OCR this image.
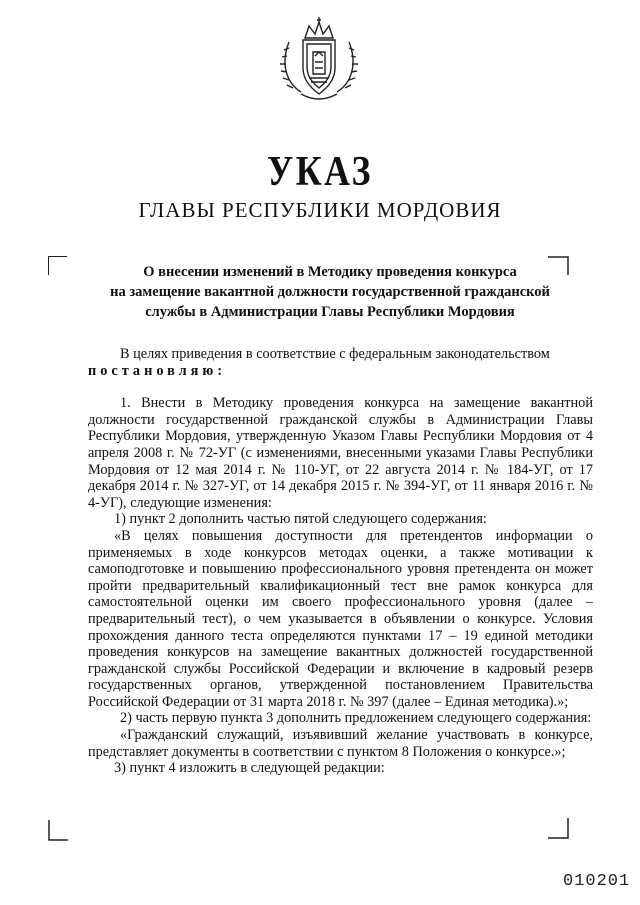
УКАЗ
ГЛАВЫ РЕСПУБЛИКИ МОРДОВИЯ
О внесении изменений в Методику проведения конкурса
на замещение вакантной должности государственной гражданской
службы в Администрации Главы Республики Мордовия

В целях приведения в соответствие с федеральным законодательством

постановляю:

1. Внести в Методику проведения конкурса на замещение вакантной должности государственной гражданской службы в Администрации Главы Республики Мордовия, утвержденную Указом Главы Республики Мордовия от 4 апреля 2008 г. № 72-УГ (с изменениями, внесенными указами Главы Республики Мордовия от 12 мая 2014 г. № 110-УГ, от 22 августа 2014 г. № 184-УГ, от 17 декабря 2014 г. № 327-УГ, от 14 декабря 2015 г. № 394-УГ, от 11 января 2016 г. № 4-УГ), следующие изменения:

1) пункт 2 дополнить частью пятой следующего содержания:

«В целях повышения доступности для претендентов информации о применяемых в ходе конкурсов методах оценки, а также мотивации к самоподготовке и повышению профессионального уровня претендента он может пройти предварительный квалификационный тест вне рамок конкурса для самостоятельной оценки им своего профессионального уровня (далее – предварительный тест), о чем указывается в объявлении о конкурсе. Условия прохождения данного теста определяются пунктами 17 – 19 единой методики проведения конкурсов на замещение вакантных должностей государственной гражданской службы Российской Федерации и включение в кадровый резерв государственных органов, утвержденной постановлением Правительства Российской Федерации от 31 марта 2018 г. № 397 (далее – Единая методика).»;

2) часть первую пункта 3 дополнить предложением следующего содержания:

«Гражданский служащий, изъявивший желание участвовать в конкурсе, представляет документы в соответствии с пунктом 8 Положения о конкурсе.»;

3) пункт 4 изложить в следующей редакции:

010201
